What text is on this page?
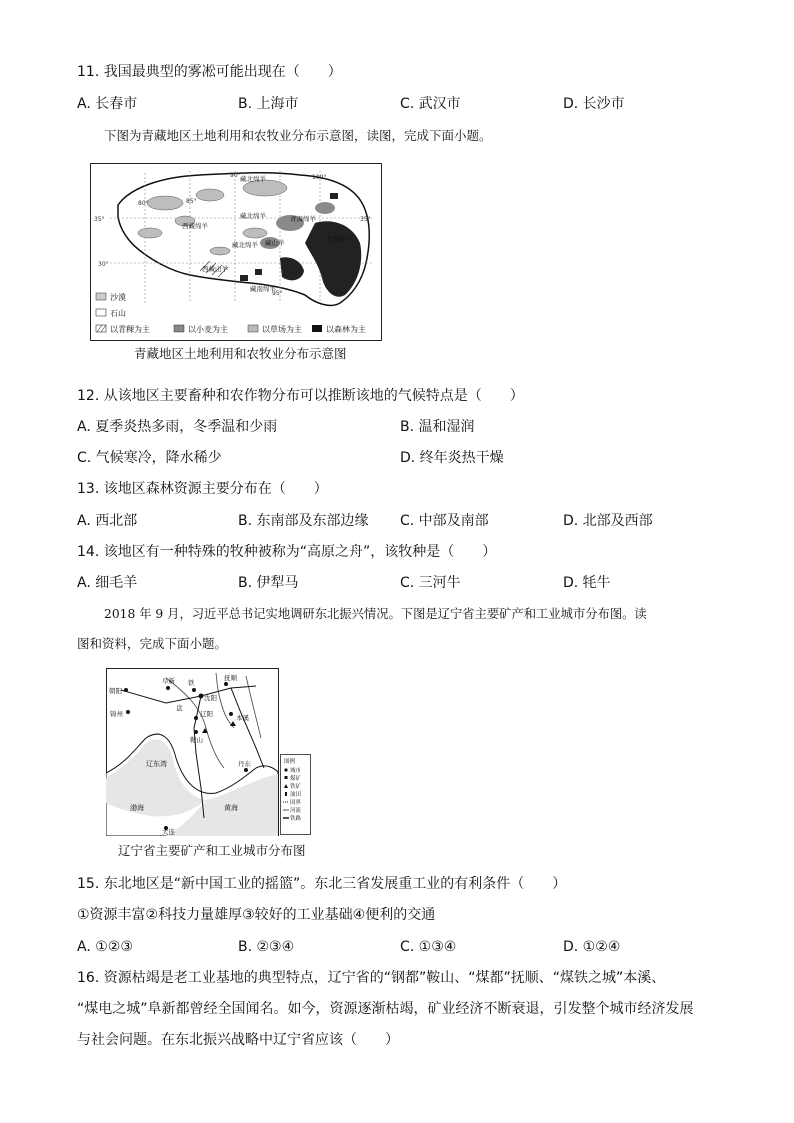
11. 我国最典型的雾凇可能出现在（　　）
A. 长春市	B. 上海市	C. 武汉市	D. 长沙市
下图为青藏地区土地利用和农牧业分布示意图，读图，完成下面小题。
藏北绵羊
藏北绵羊
西藏绵羊
青海绵羊
青海绵羊
西藏山羊
藏北绵羊 藏山羊
藏南绵羊
80°	85°
90°
95°
100°
35°
30°
35°
沙漠
石山
以青稞为主	以小麦为主	以草场为主	以森林为主
青藏地区土地利用和农牧业分布示意图
12. 从该地区主要畜种和农作物分布可以推断该地的气候特点是（　　）
A. 夏季炎热多雨，冬季温和少雨	B. 温和湿润
C. 气候寒冷，降水稀少	D. 终年炎热干燥
13. 该地区森林资源主要分布在（　　）
A. 西北部	B. 东南部及东部边缘 C. 中部及南部	D. 北部及西部
14. 该地区有一种特殊的牧种被称为“高原之舟”，该牧种是（　　）
A. 细毛羊	B. 伊犁马	C. 三河牛	D. 牦牛
2018 年 9 月，习近平总书记实地调研东北振兴情况。下图是辽宁省主要矿产和工业城市分布图。读
图和资料，完成下面小题。
阜新 铁
抚顺
朝阳
锦州
沈阳
辽阳	本溪
鞍山
丹东
大连
盘
辽东湾
渤海	黄海
图例
城市
煤矿
铁矿
油田
国界
河流
铁路
辽宁省主要矿产和工业城市分布图
15. 东北地区是“新中国工业的摇篮”。东北三省发展重工业的有利条件（　　）
①资源丰富②科技力量雄厚③较好的工业基础④便利的交通
A. ①②③	B. ②③④	C. ①③④	D. ①②④
16. 资源枯竭是老工业基地的典型特点，辽宁省的“钢都”鞍山、“煤都”抚顺、“煤铁之城”本溪、
“煤电之城”阜新都曾经全国闻名。如今，资源逐渐枯竭，矿业经济不断衰退，引发整个城市经济发展
与社会问题。在东北振兴战略中辽宁省应该（　　）
